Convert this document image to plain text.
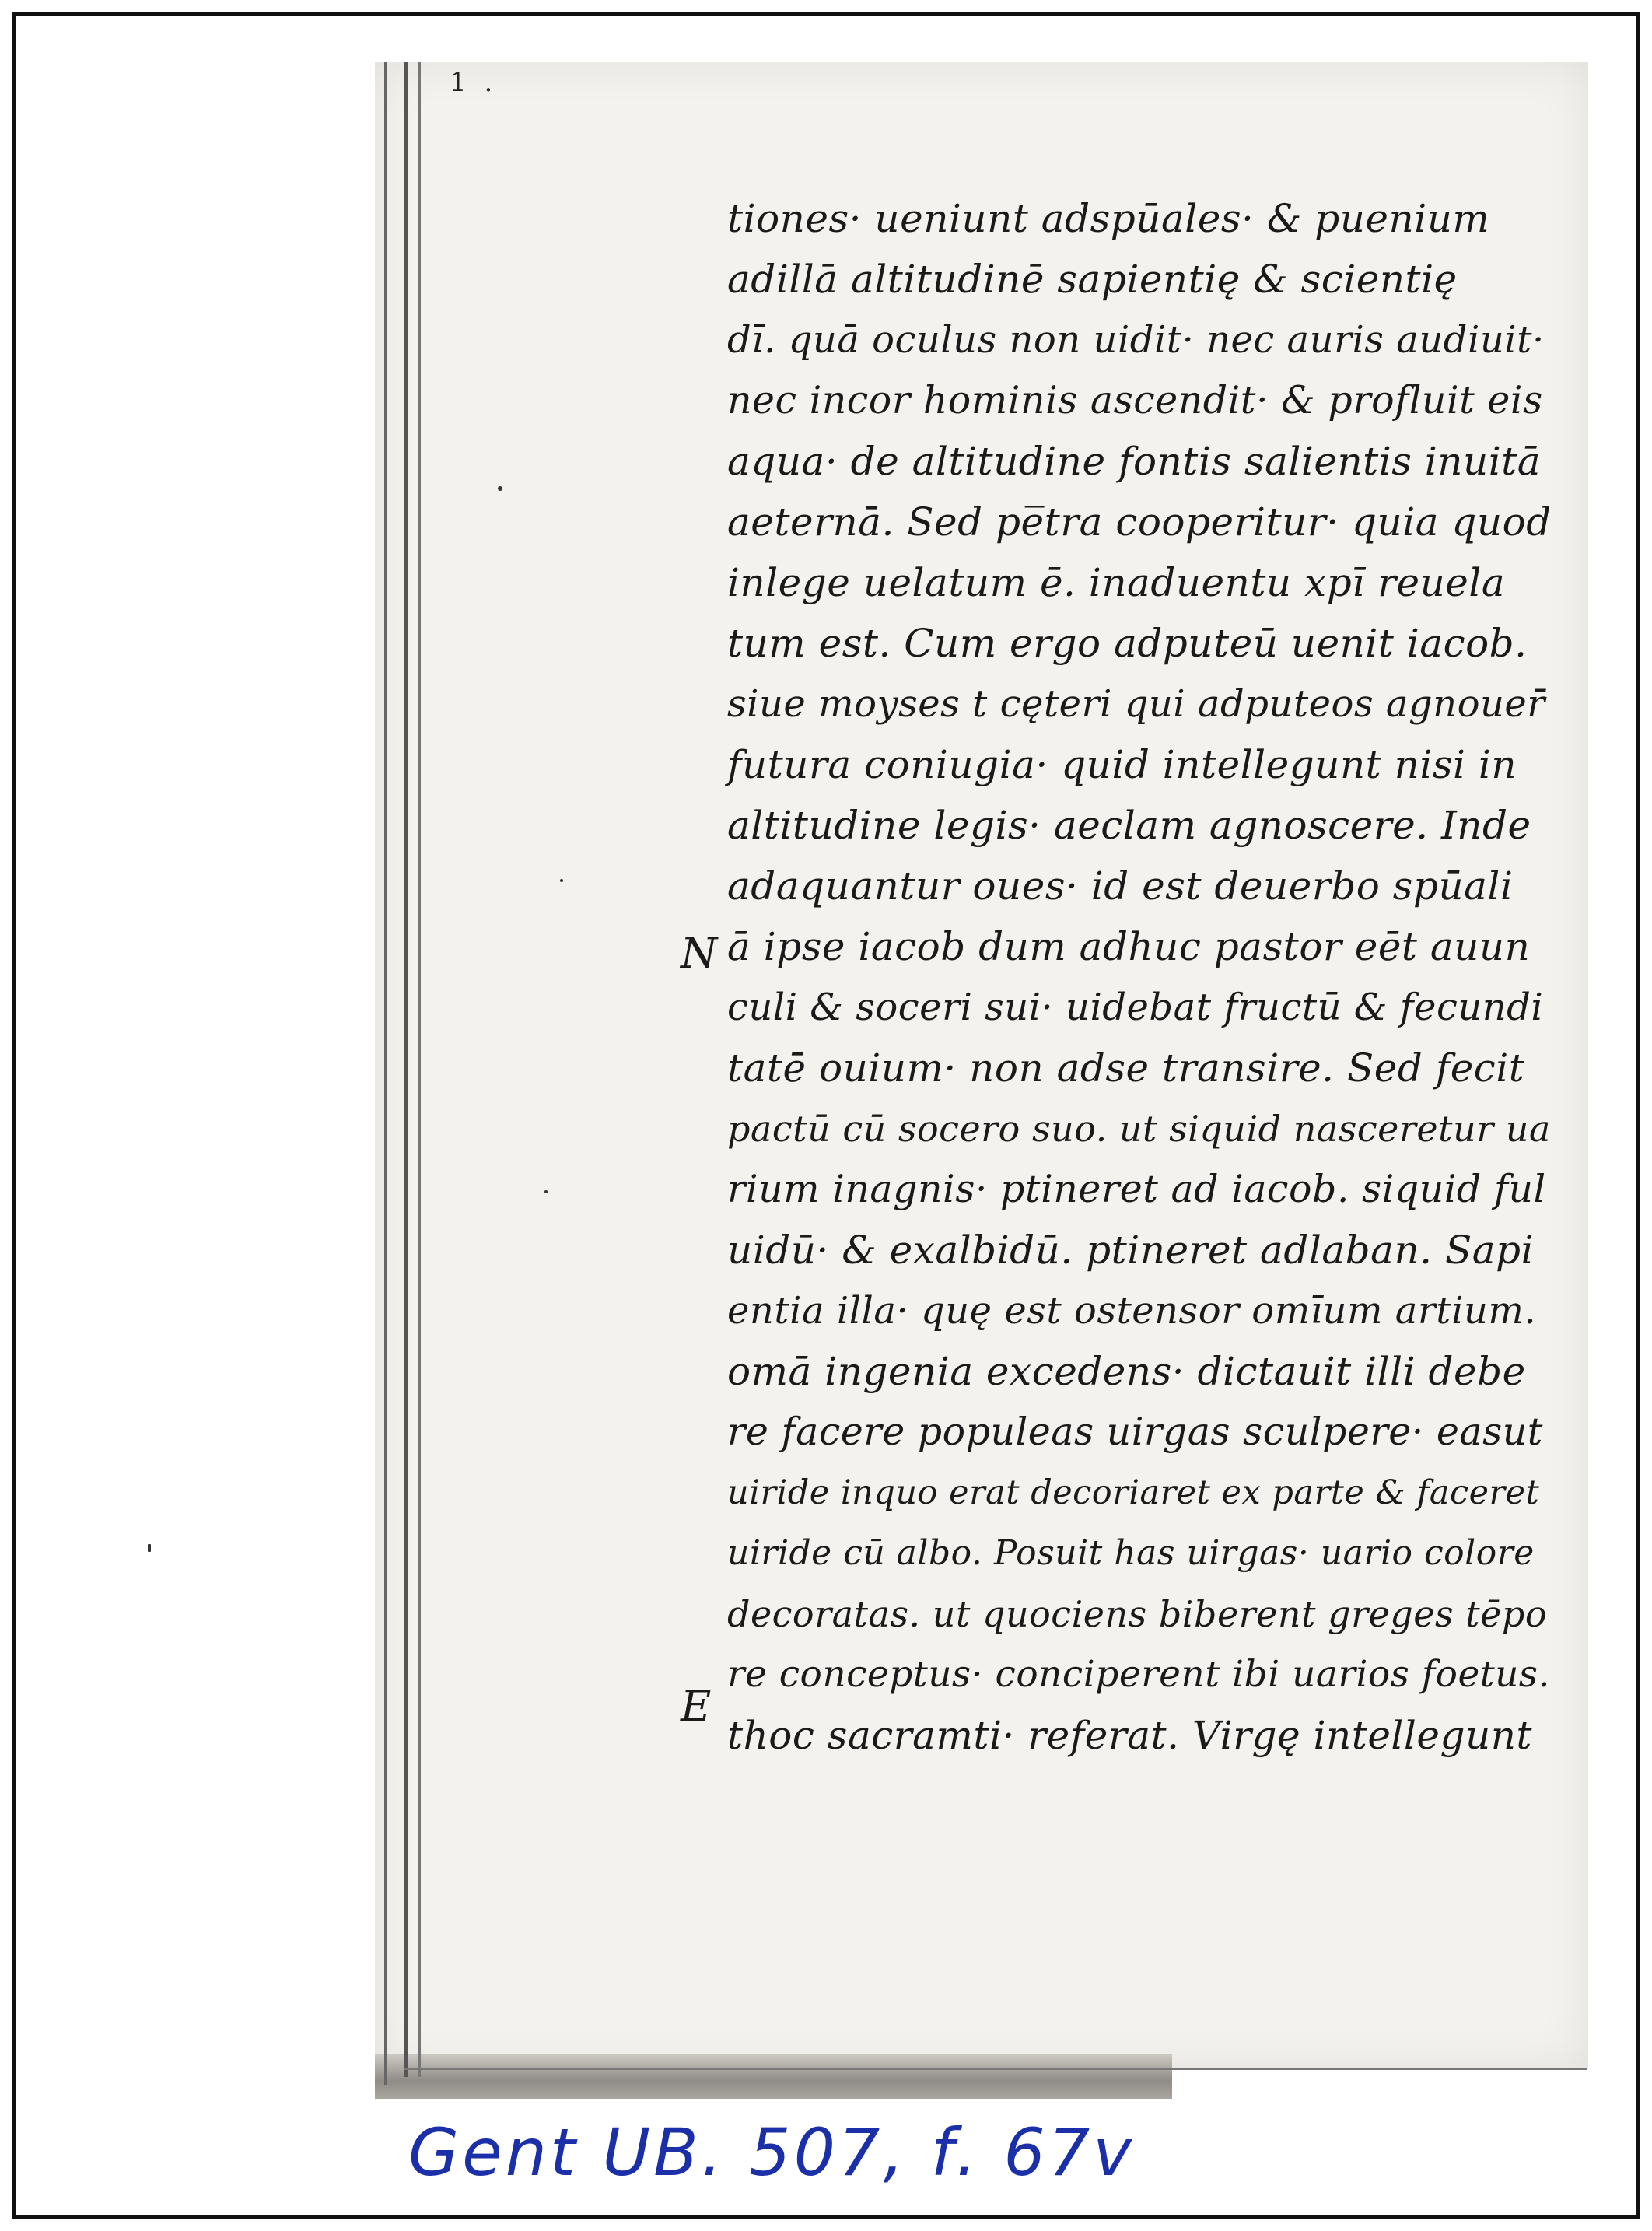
1 .
N
E
tiones· ueniunt adspūales· & puenium
adillā altitudinē sapientię & scientię
dī. quā oculus non uidit· nec auris audiuit·
nec incor hominis ascendit· & profluit eis
aqua· de altitudine fontis salientis inuitā
aeternā. Sed pe̅tra cooperitur· quia quod
inlege uelatum ē. inaduentu xpī reuela
tum est. Cum ergo adputeū uenit iacob.
siue moyses t cęteri qui adputeos agnouer̄
futura coniugia· quid intellegunt nisi in
altitudine legis· aeclam agnoscere. Inde
adaquantur oues· id est deuerbo spūali
ā ipse iacob dum adhuc pastor eēt auun
culi & soceri sui· uidebat fructū & fecundi
tatē ouium· non adse transire. Sed fecit
pactū cū socero suo. ut siquid nasceretur ua
rium inagnis· ptineret ad iacob. siquid ful
uidū· & exalbidū. ptineret adlaban. Sapi
entia illa· quę est ostensor omīum artium.
omā ingenia excedens· dictauit illi debe
re facere populeas uirgas sculpere· easut
uiride inquo erat decoriaret ex parte & faceret
uiride cū albo. Posuit has uirgas· uario colore
decoratas. ut quociens biberent greges tēpo
re conceptus· conciperent ibi uarios foetus.
thoc sacramti· referat. Virgę intellegunt
Gent UB. 507, f. 67v
